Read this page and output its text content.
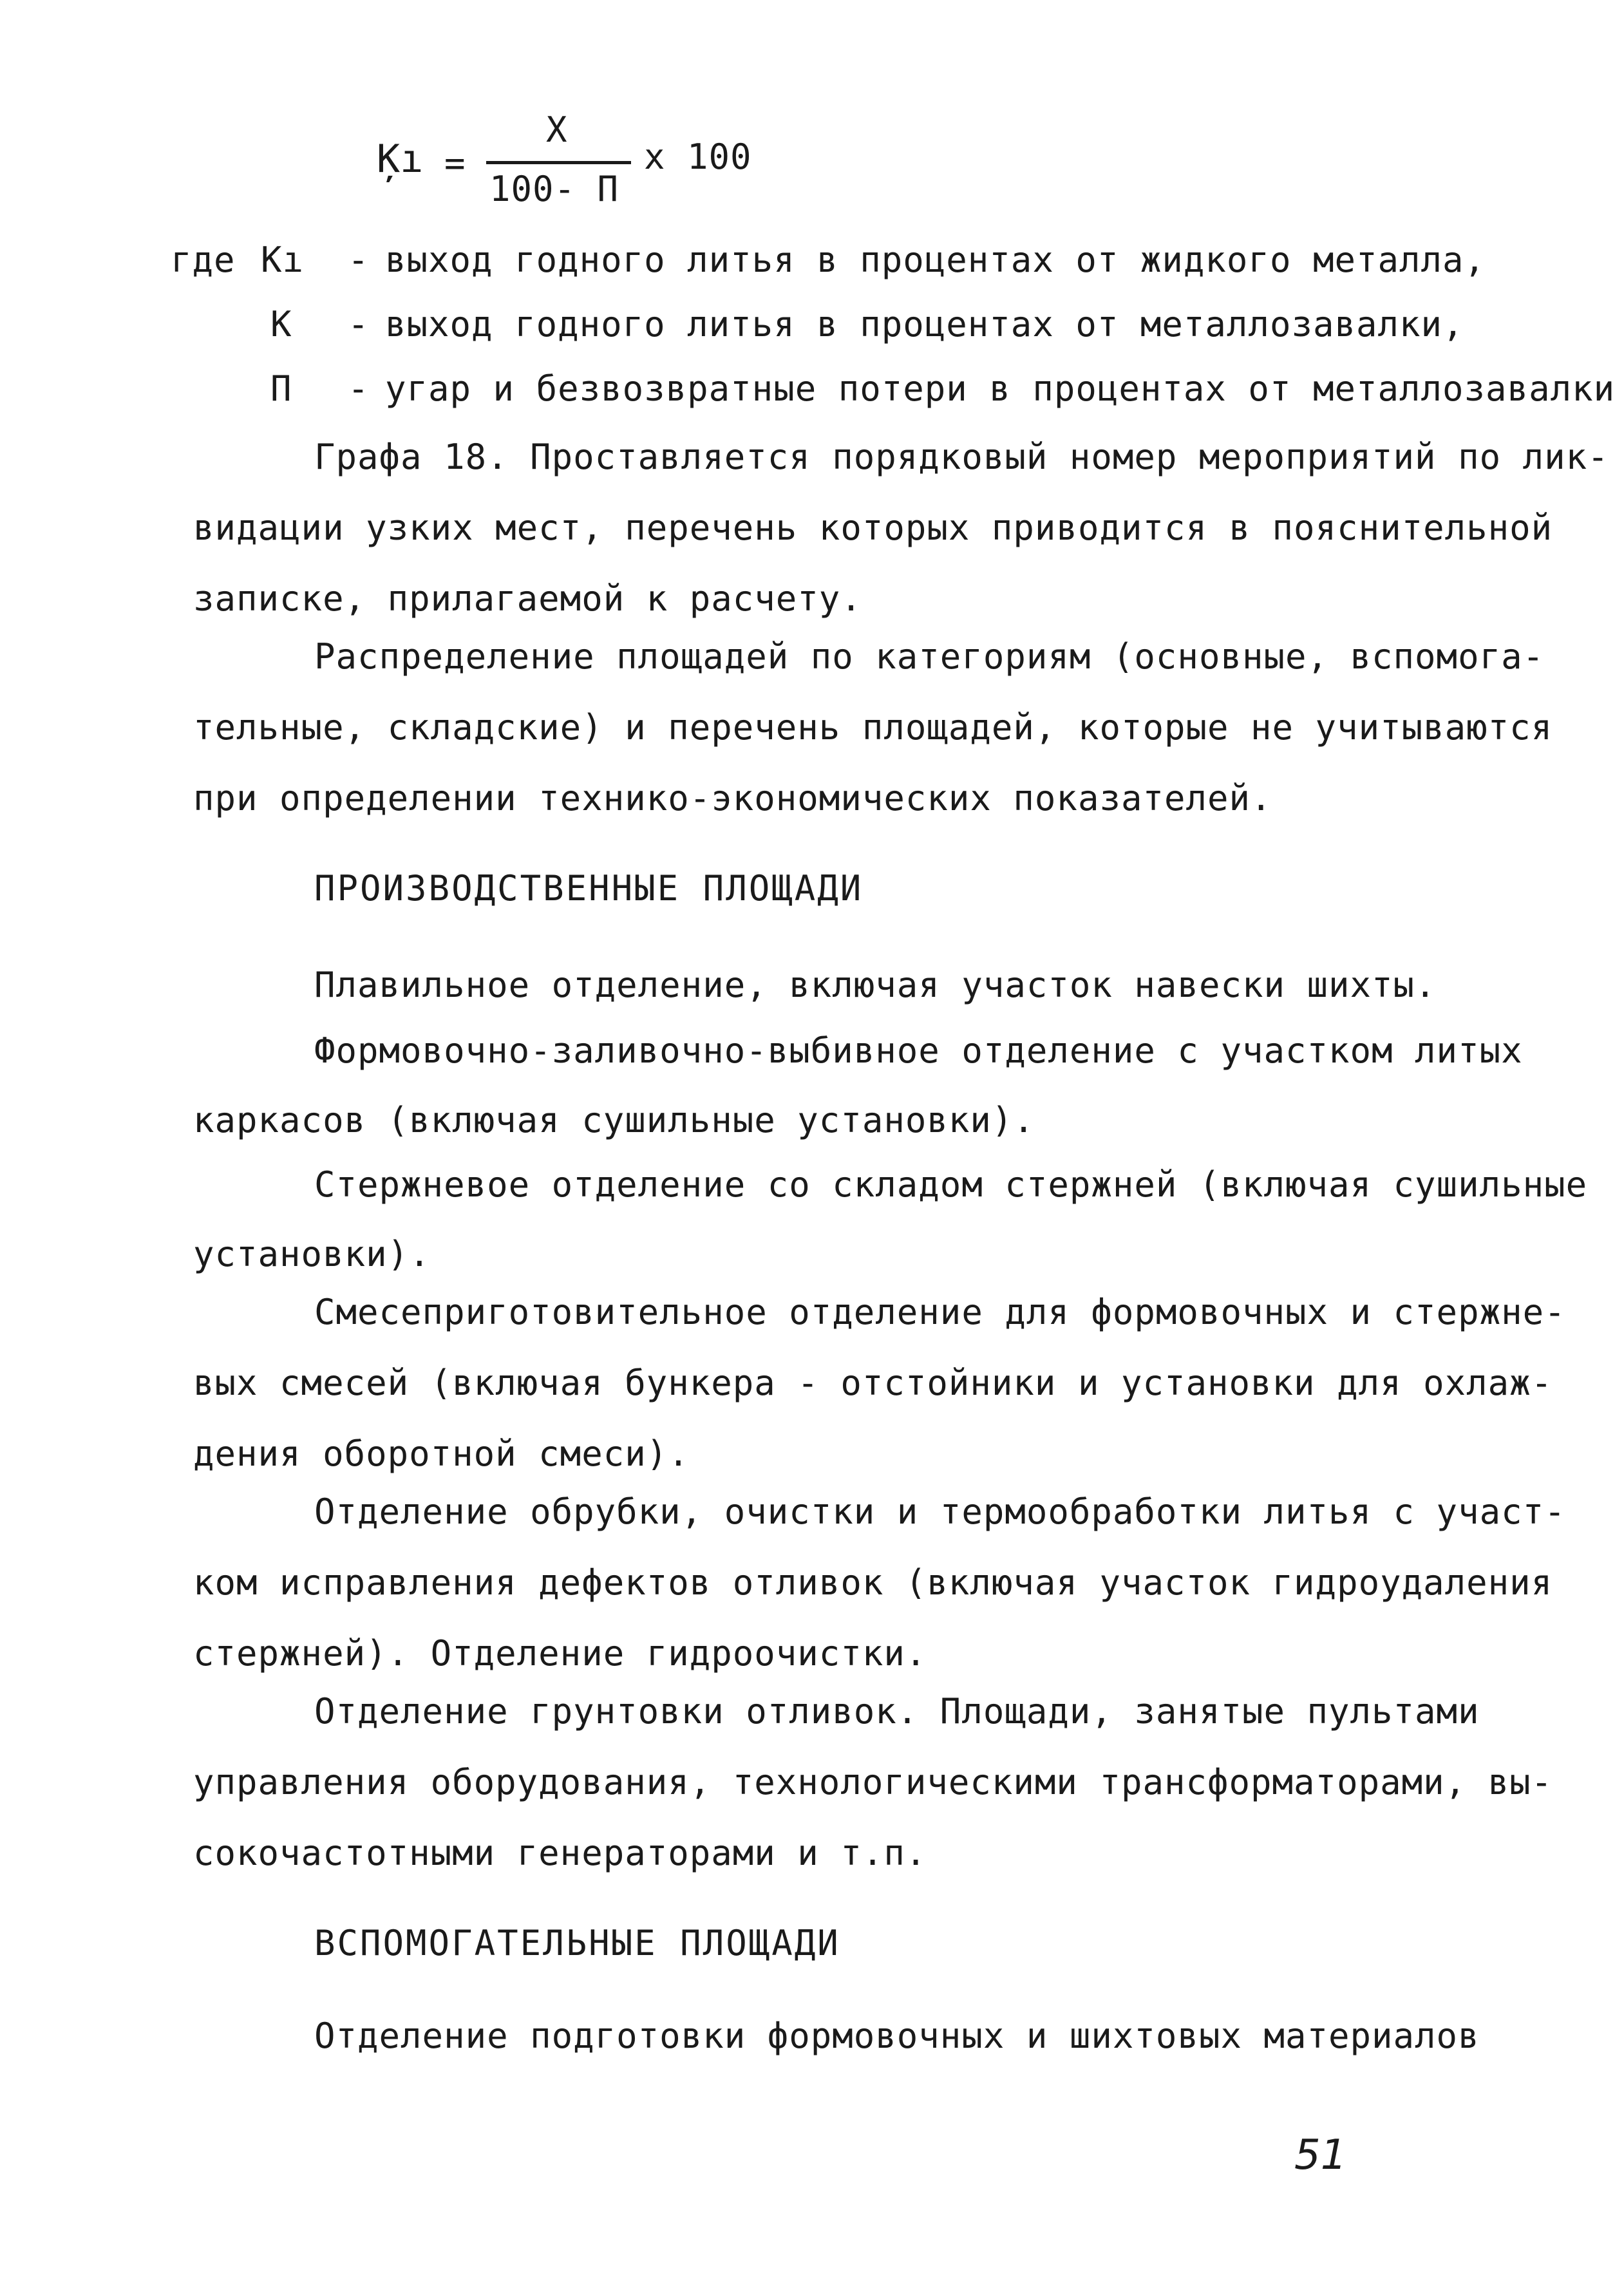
Ķı =
Х
100- П
х 100
где Кı - выход годного литья в процентах от жидкого металла,
К - выход годного литья в процентах от металлозавалки,
П - угар и безвозвратные потери в процентах от металлозавалки
Графа 18. Проставляется порядковый номер мероприятий по лик-
видации узких мест, перечень которых приводится в пояснительной
записке, прилагаемой к расчету.
Распределение площадей по категориям (основные, вспомога-
тельные, складские) и перечень площадей, которые не учитываются
при определении технико-экономических показателей.
ПРОИЗВОДСТВЕННЫЕ ПЛОЩАДИ
Плавильное отделение, включая участок навески шихты.
Формовочно-заливочно-выбивное отделение с участком литых
каркасов (включая сушильные установки).
Стержневое отделение со складом стержней (включая сушильные
установки).
Смесеприготовительное отделение для формовочных и стержне-
вых смесей (включая бункера - отстойники и установки для охлаж-
дения оборотной смеси).
Отделение обрубки, очистки и термообработки литья с участ-
ком исправления дефектов отливок (включая участок гидроудаления
стержней). Отделение гидроочистки.
Отделение грунтовки отливок. Площади, занятые пультами
управления оборудования, технологическими трансформаторами, вы-
сокочастотными генераторами и т.п.
ВСПОМОГАТЕЛЬНЫЕ ПЛОЩАДИ
Отделение подготовки формовочных и шихтовых материалов
51
